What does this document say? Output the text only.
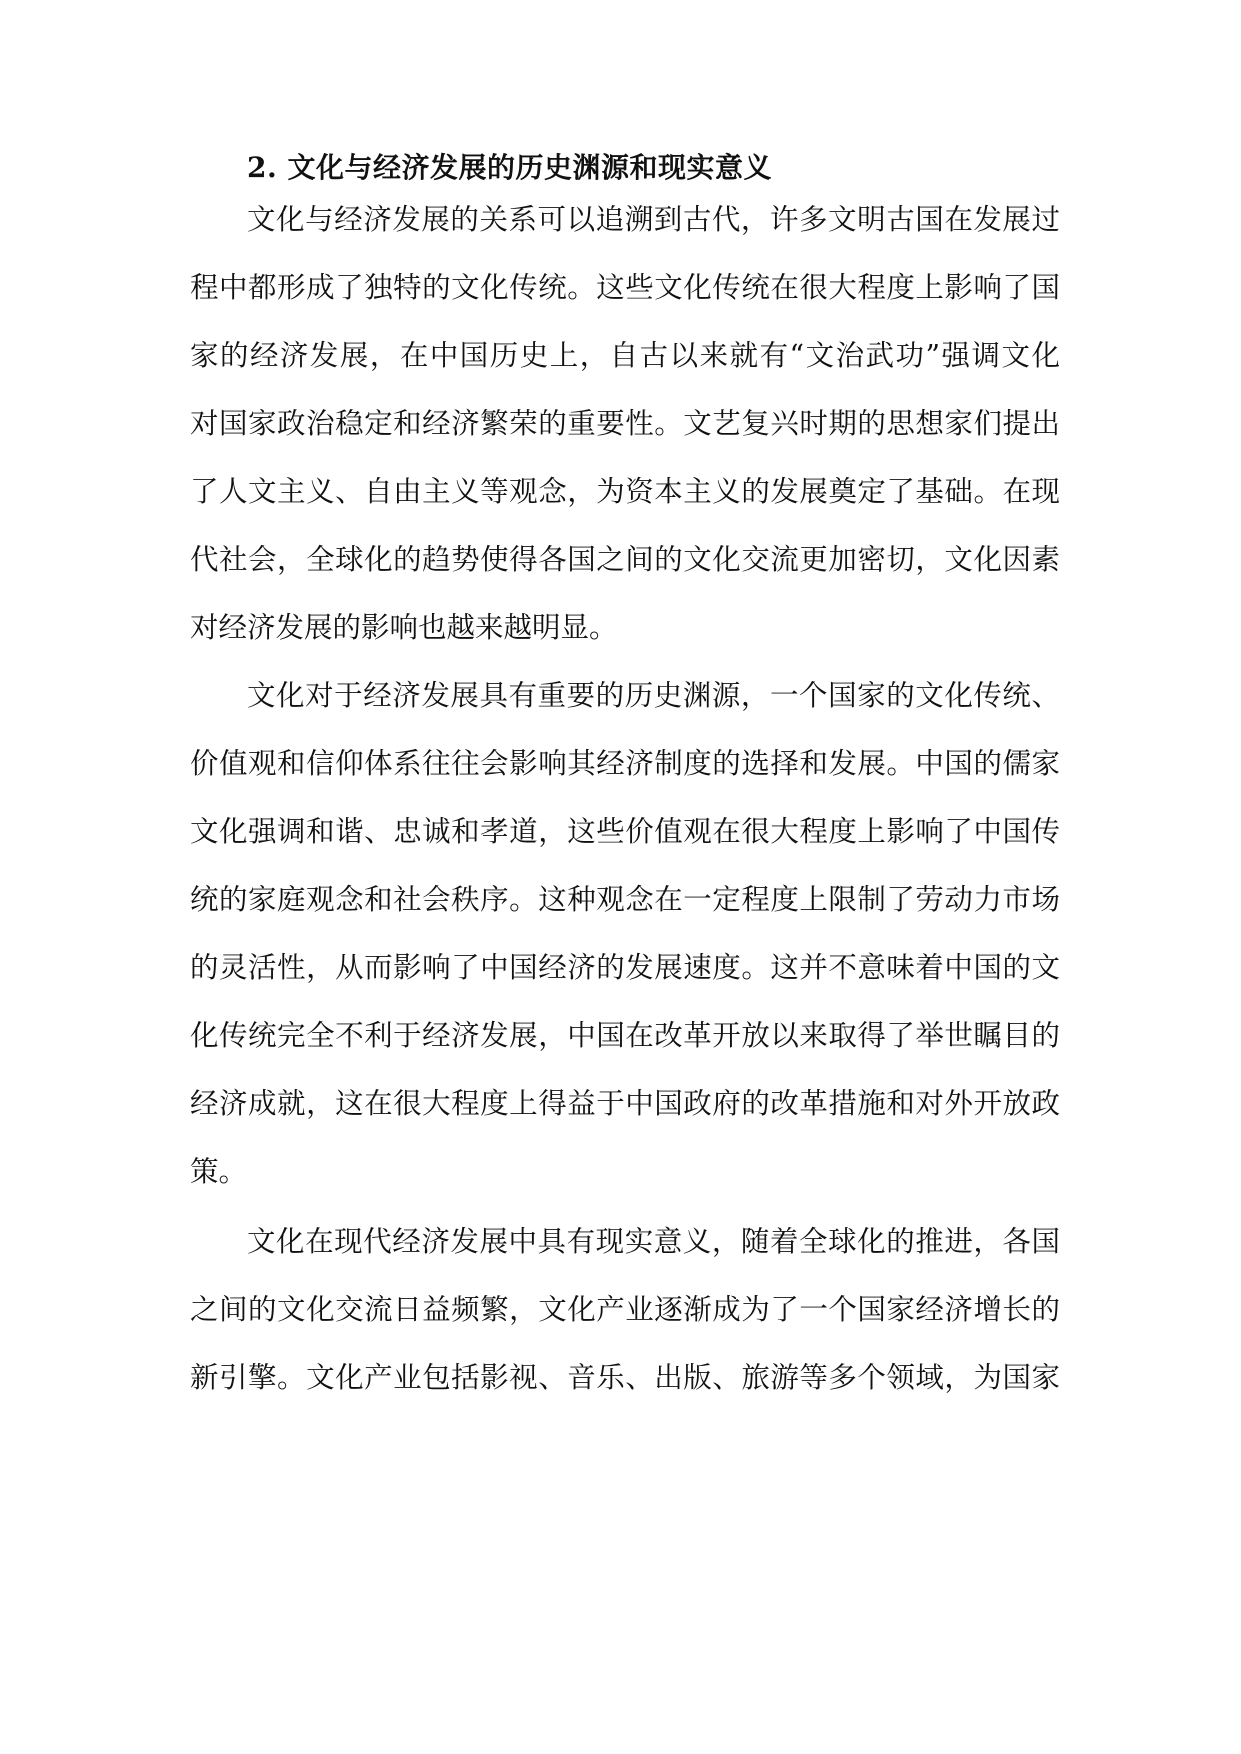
2. 文化与经济发展的历史渊源和现实意义
文化与经济发展的关系可以追溯到古代，许多文明古国在发展过
程中都形成了独特的文化传统。这些文化传统在很大程度上影响了国
家的经济发展，在中国历史上，自古以来就有“文治武功”强调文化
对国家政治稳定和经济繁荣的重要性。文艺复兴时期的思想家们提出
了人文主义、自由主义等观念，为资本主义的发展奠定了基础。在现
代社会，全球化的趋势使得各国之间的文化交流更加密切，文化因素
对经济发展的影响也越来越明显。
文化对于经济发展具有重要的历史渊源，一个国家的文化传统、
价值观和信仰体系往往会影响其经济制度的选择和发展。中国的儒家
文化强调和谐、忠诚和孝道，这些价值观在很大程度上影响了中国传
统的家庭观念和社会秩序。这种观念在一定程度上限制了劳动力市场
的灵活性，从而影响了中国经济的发展速度。这并不意味着中国的文
化传统完全不利于经济发展，中国在改革开放以来取得了举世瞩目的
经济成就，这在很大程度上得益于中国政府的改革措施和对外开放政
策。
文化在现代经济发展中具有现实意义，随着全球化的推进，各国
之间的文化交流日益频繁，文化产业逐渐成为了一个国家经济增长的
新引擎。文化产业包括影视、音乐、出版、旅游等多个领域，为国家
